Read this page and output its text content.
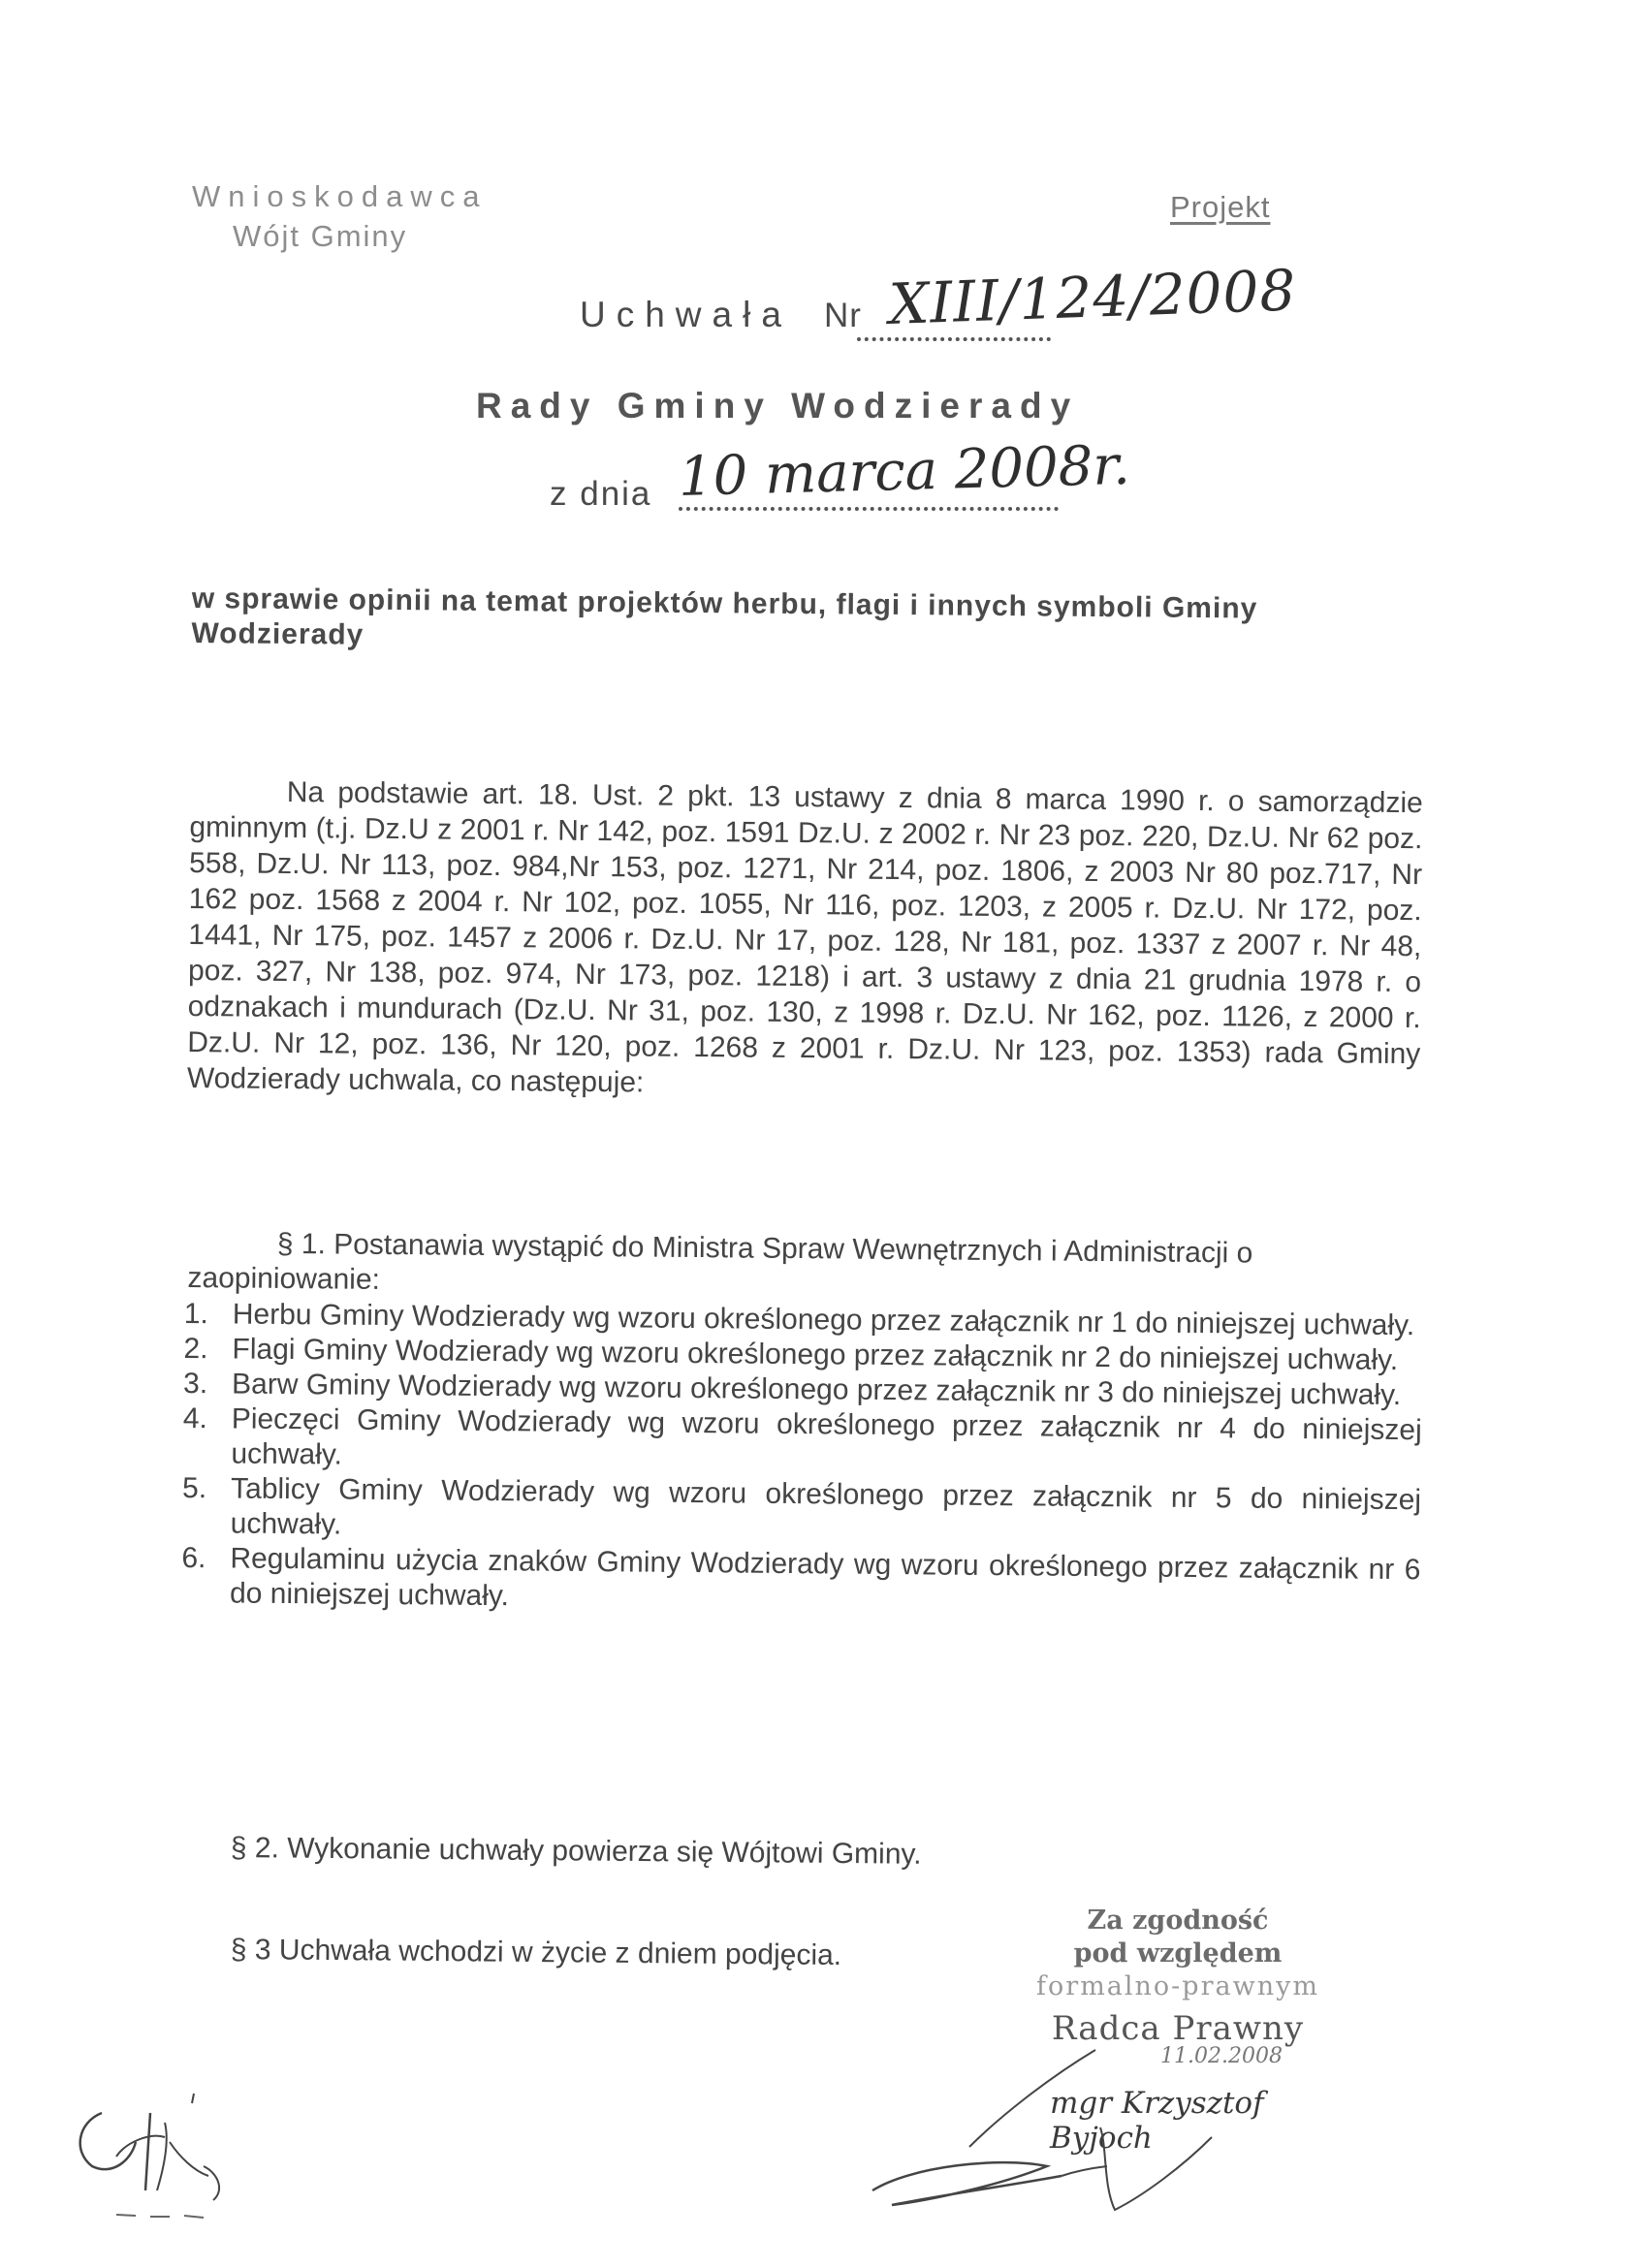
Wnioskodawca
Wójt Gminy
Projekt
Uchwała Nr XIII/124/2008
Rady Gminy Wodzierady
z dnia 10 marca 2008r.
w sprawie opinii na temat projektów herbu, flagi i innych symboli Gminy Wodzierady
Na podstawie art. 18. Ust. 2 pkt. 13 ustawy z dnia 8 marca 1990 r. o samorządzie gminnym (t.j. Dz.U z 2001 r. Nr 142, poz. 1591 Dz.U. z 2002 r. Nr 23 poz. 220, Dz.U. Nr 62 poz. 558, Dz.U. Nr 113, poz. 984,Nr 153, poz. 1271, Nr 214, poz. 1806, z 2003 Nr 80 poz.717, Nr 162 poz. 1568 z 2004 r. Nr 102, poz. 1055, Nr 116, poz. 1203, z 2005 r. Dz.U. Nr 172, poz. 1441, Nr 175, poz. 1457 z 2006 r. Dz.U. Nr 17, poz. 128, Nr 181, poz. 1337 z 2007 r. Nr 48, poz. 327, Nr 138, poz. 974, Nr 173, poz. 1218) i art. 3 ustawy z dnia 21 grudnia 1978 r. o odznakach i mundurach (Dz.U. Nr 31, poz. 130, z 1998 r. Dz.U. Nr 162, poz. 1126, z 2000 r. Dz.U. Nr 12, poz. 136, Nr 120, poz. 1268 z 2001 r. Dz.U. Nr 123, poz. 1353) rada Gminy Wodzierady uchwala, co następuje:
§ 1. Postanawia wystąpić do Ministra Spraw Wewnętrznych i Administracji o zaopiniowanie:
1. Herbu Gminy Wodzierady wg wzoru określonego przez załącznik nr 1 do niniejszej uchwały.
2. Flagi Gminy Wodzierady wg wzoru określonego przez załącznik nr 2 do niniejszej uchwały.
3. Barw Gminy Wodzierady wg wzoru określonego przez załącznik nr 3 do niniejszej uchwały.
4. Pieczęci Gminy Wodzierady wg wzoru określonego przez załącznik nr 4 do niniejszej uchwały.
5. Tablicy Gminy Wodzierady wg wzoru określonego przez załącznik nr 5 do niniejszej uchwały.
6. Regulaminu użycia znaków Gminy Wodzierady wg wzoru określonego przez załącznik nr 6 do niniejszej uchwały.
§ 2. Wykonanie uchwały powierza się Wójtowi Gminy.
§ 3 Uchwała wchodzi w życie z dniem podjęcia.
Za zgodność
pod względem
formalno-prawnym
Radca Prawny
11.02.2008
mgr Krzysztof Byjoch
